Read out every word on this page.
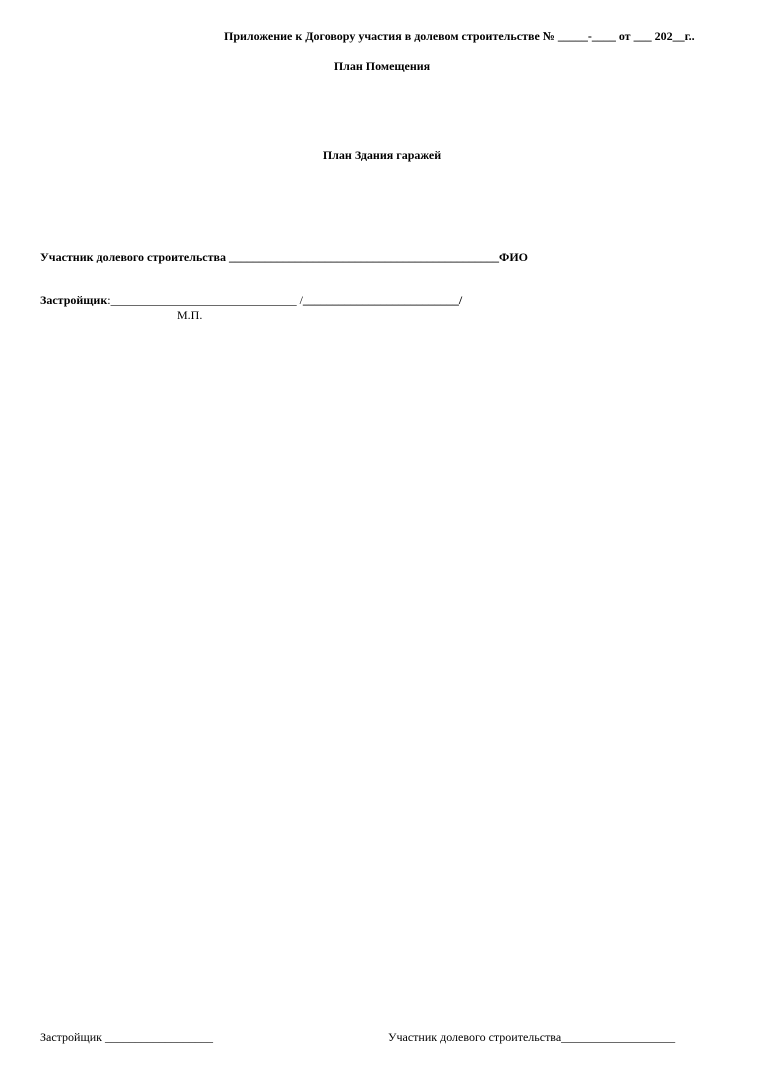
Приложение к Договору участия в долевом строительстве № _____-____ от ___ 202__г..
План Помещения
План Здания гаражей
Участник долевого строительства _____________________________________________ФИО
Застройщик:_______________________________ /__________________________/
М.П.
Застройщик __________________	Участник долевого строительства___________________
